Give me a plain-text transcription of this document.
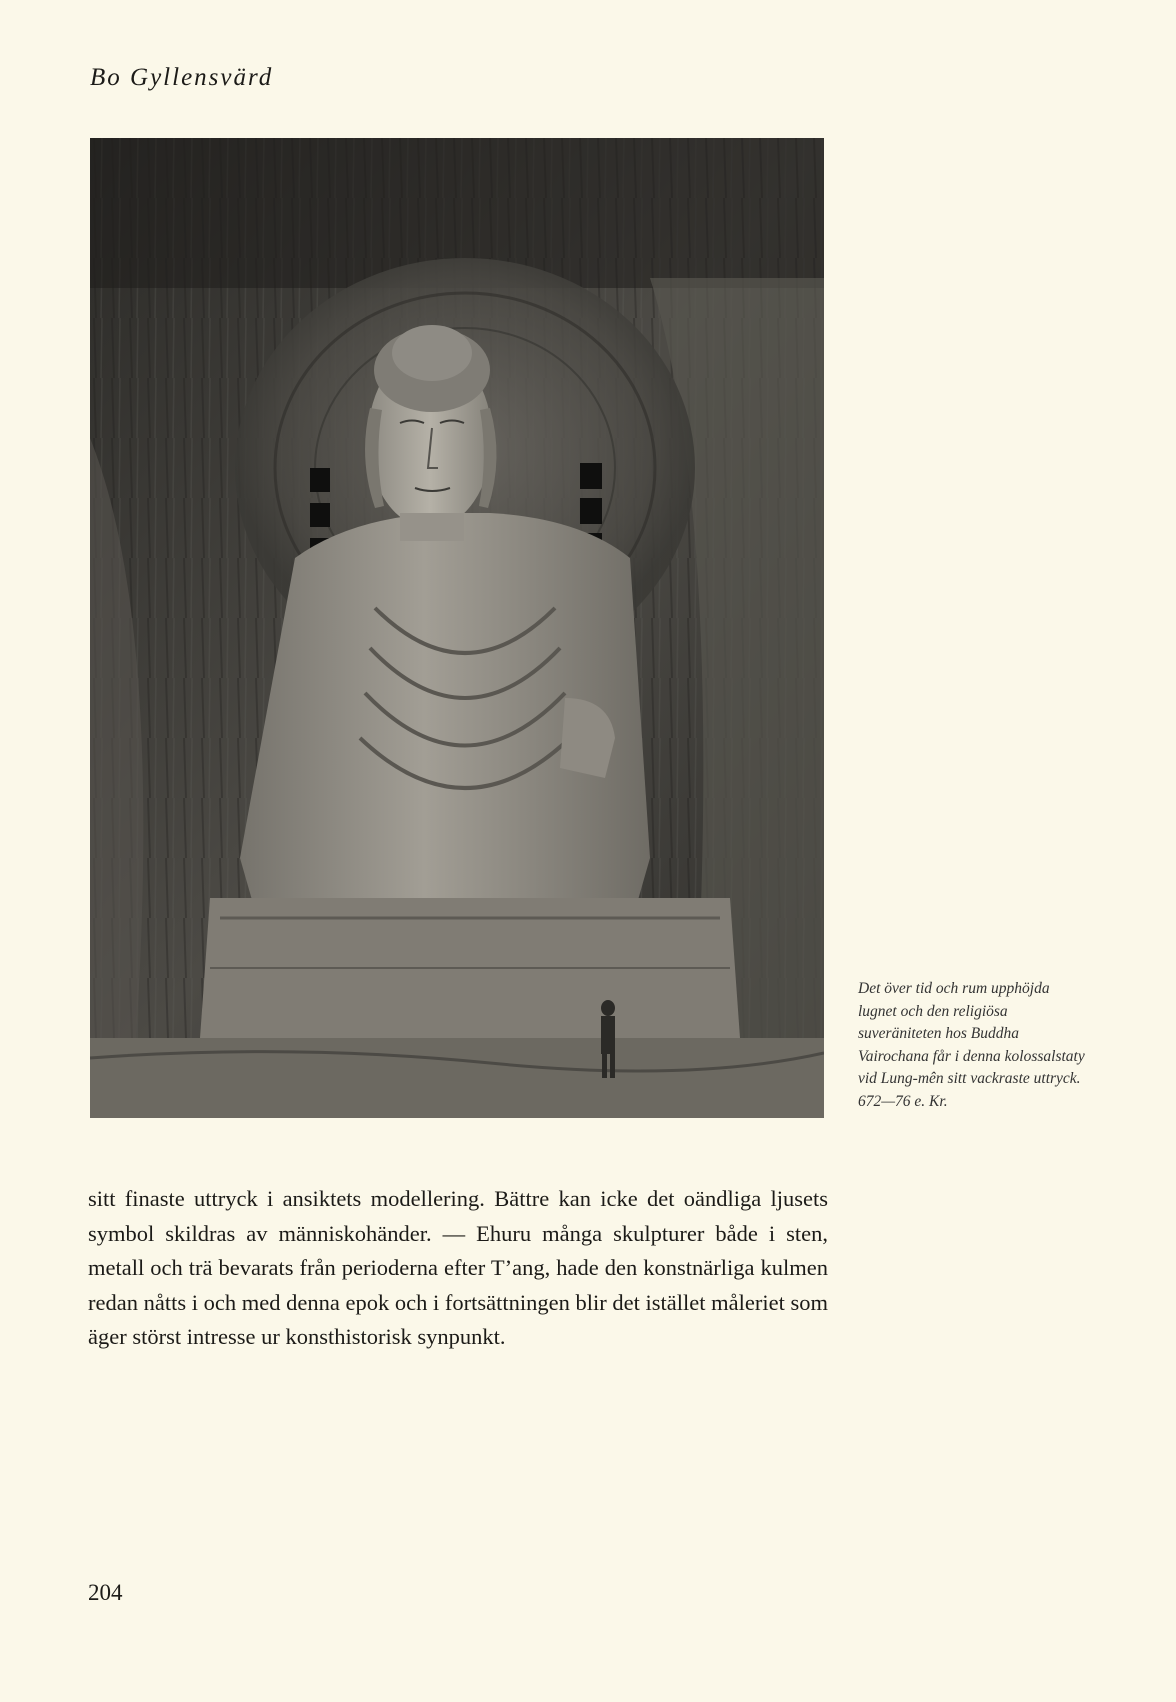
Bo Gyllensvärd

Det över tid och rum upphöjda lugnet och den religiösa suveräniteten hos Buddha Vairochana får i denna kolossalstaty vid Lung-mên sitt vackraste uttryck. 672—76 e. Kr.

sitt finaste uttryck i ansiktets modellering. Bättre kan icke det oändliga ljusets symbol skildras av människohänder. — Ehuru många skulpturer både i sten, metall och trä bevarats från perioderna efter T’ang, hade den konstnärliga kulmen redan nåtts i och med denna epok och i fortsättningen blir det istället måleriet som äger störst intresse ur konsthistorisk synpunkt.

204
